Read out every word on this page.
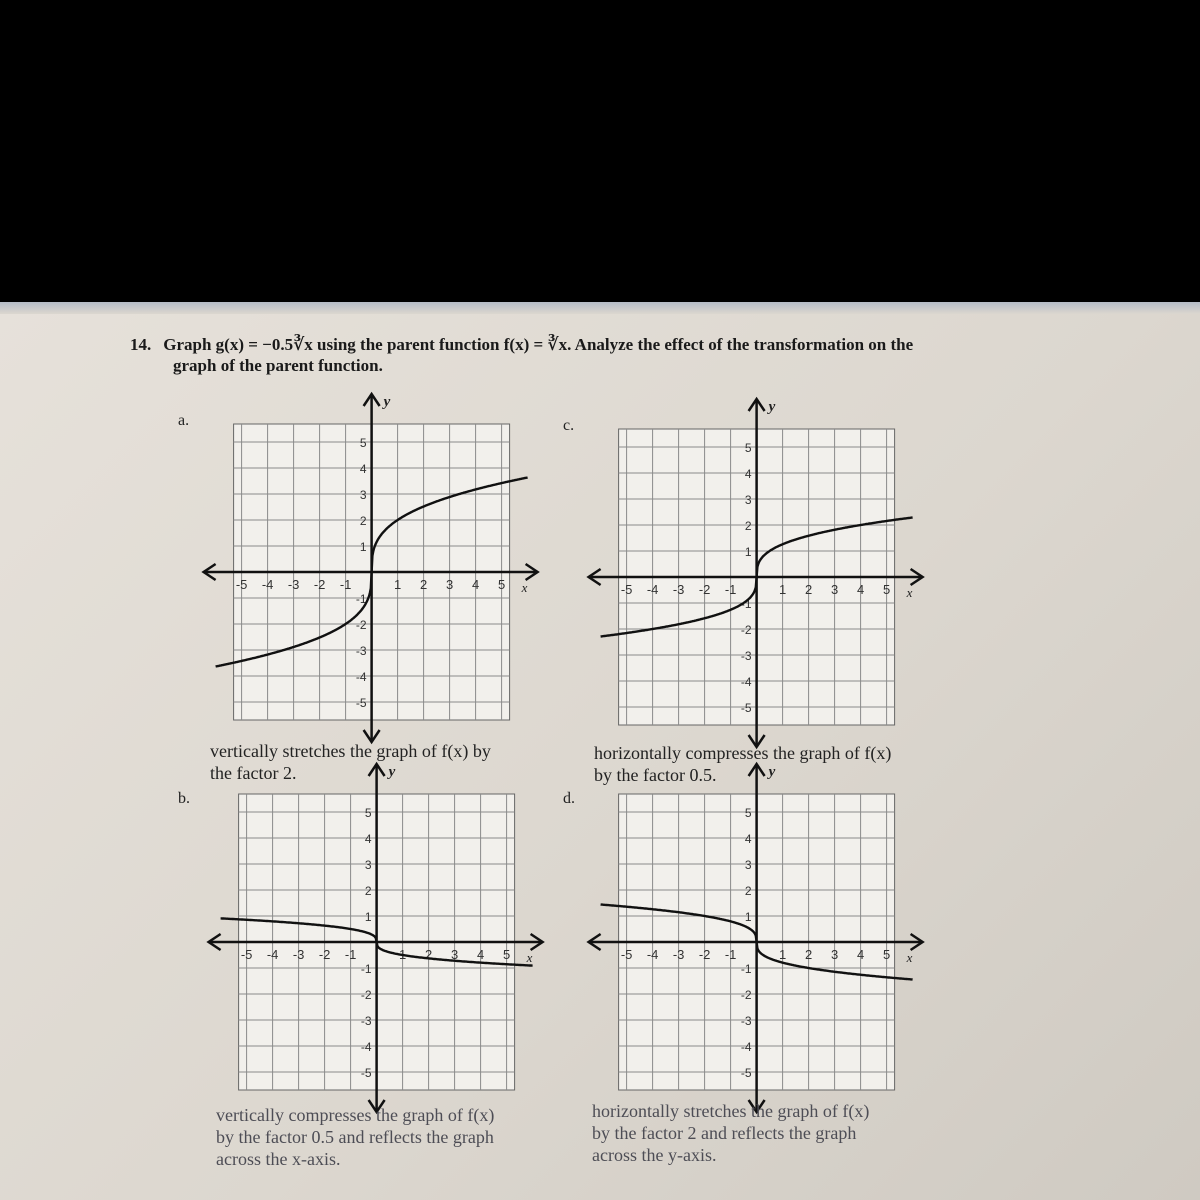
14. Graph g(x) = −0.5∛x using the parent function f(x) = ∛x. Analyze the effect of the transformation on the
graph of the parent function.
a.
x
y
-5
-5
-4
-4
-3
-3
-2
-2
-1
-1
1
1
2
2
3
3
4
4
5
5
vertically stretches the graph of f(x) by
the factor 2.
c.
x
y
-5
-5
-4
-4
-3
-3
-2
-2
-1
-1
1
1
2
2
3
3
4
4
5
5
horizontally compresses the graph of f(x)
by the factor 0.5.
b.
x
y
-5
-5
-4
-4
-3
-3
-2
-2
-1
-1
1
1
2
2
3
3
4
4
5
5
vertically compresses the graph of f(x)
by the factor 0.5 and reflects the graph
across the x-axis.
d.
x
y
-5
-5
-4
-4
-3
-3
-2
-2
-1
-1
1
1
2
2
3
3
4
4
5
5
horizontally stretches the graph of f(x)
by the factor 2 and reflects the graph
across the y-axis.
